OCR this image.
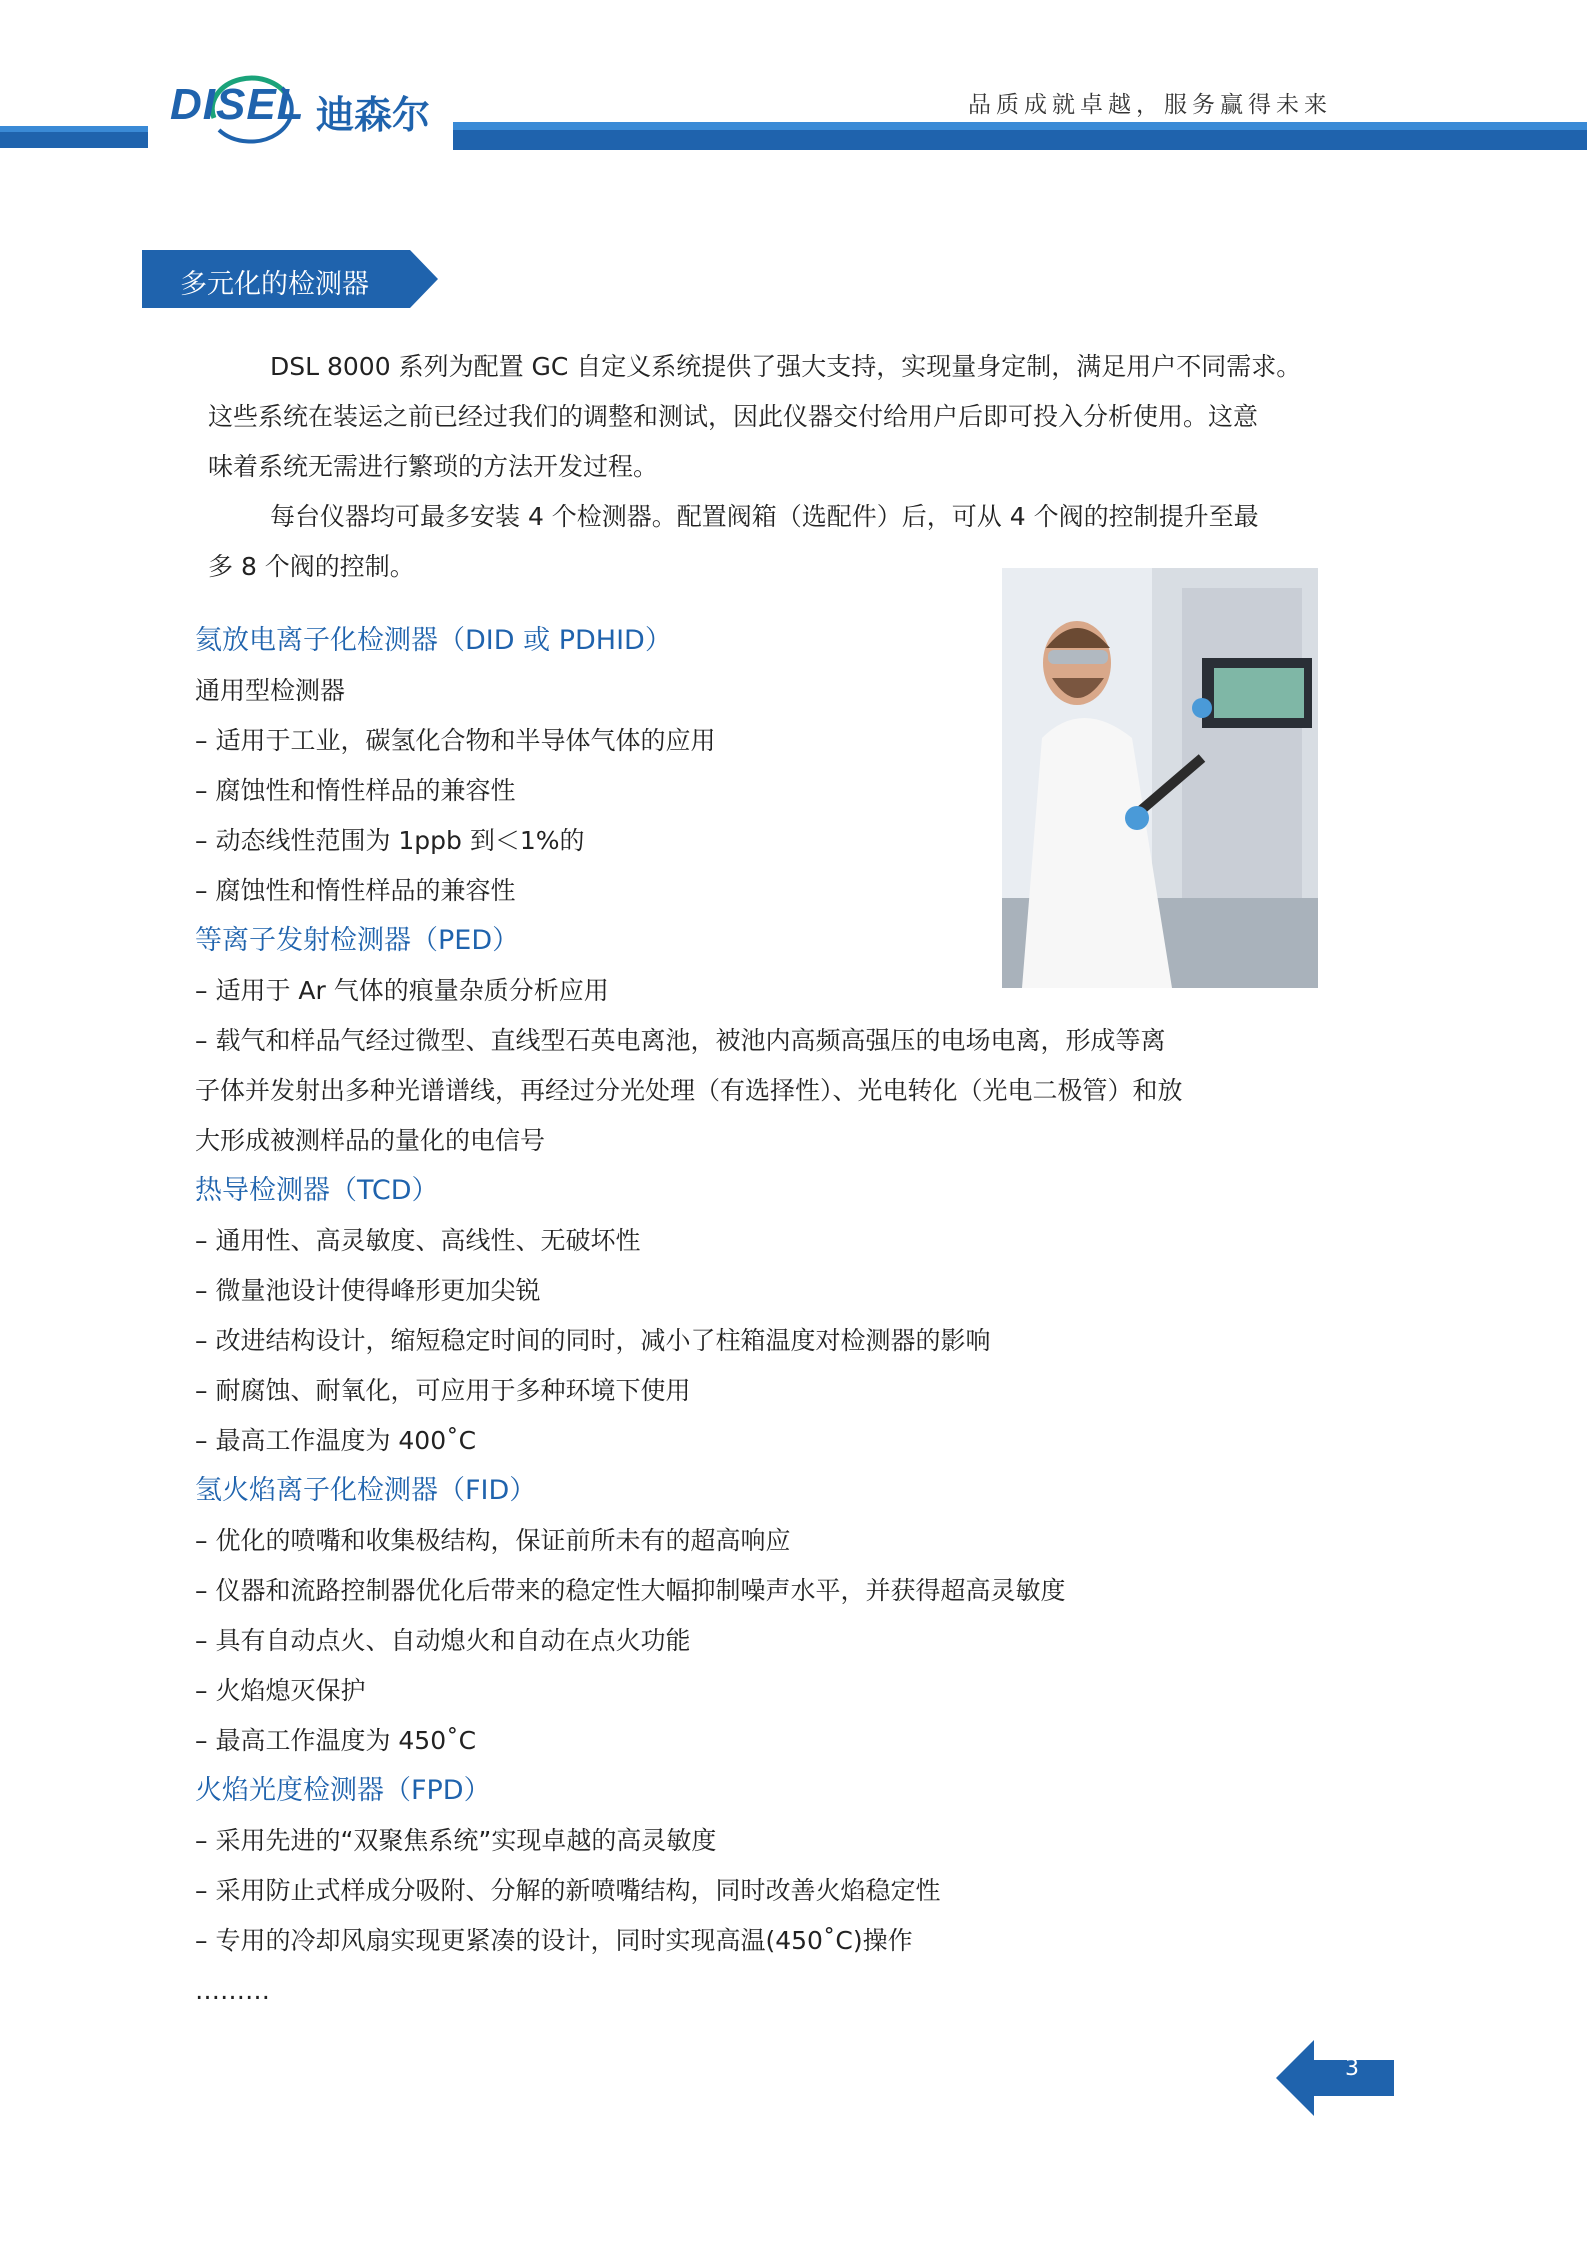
DISEL 迪森尔	品质成就卓越，服务赢得未来
多元化的检测器
DSL 8000 系列为配置 GC 自定义系统提供了强大支持，实现量身定制，满足用户不同需求。
这些系统在装运之前已经过我们的调整和测试，因此仪器交付给用户后即可投入分析使用。这意
味着系统无需进行繁琐的方法开发过程。
每台仪器均可最多安装 4 个检测器。配置阀箱（选配件）后，可从 4 个阀的控制提升至最
多 8 个阀的控制。
氦放电离子化检测器（DID 或 PDHID）
通用型检测器
– 适用于工业，碳氢化合物和半导体气体的应用
– 腐蚀性和惰性样品的兼容性
– 动态线性范围为 1ppb 到＜1%的
– 腐蚀性和惰性样品的兼容性
等离子发射检测器（PED）
– 适用于 Ar 气体的痕量杂质分析应用
– 载气和样品气经过微型、直线型石英电离池，被池内高频高强压的电场电离，形成等离
子体并发射出多种光谱谱线，再经过分光处理（有选择性）、光电转化（光电二极管）和放
大形成被测样品的量化的电信号
热导检测器（TCD）
– 通用性、高灵敏度、高线性、无破坏性
– 微量池设计使得峰形更加尖锐
– 改进结构设计，缩短稳定时间的同时，减小了柱箱温度对检测器的影响
– 耐腐蚀、耐氧化，可应用于多种环境下使用
– 最高工作温度为 400˚C
氢火焰离子化检测器（FID）
– 优化的喷嘴和收集极结构，保证前所未有的超高响应
– 仪器和流路控制器优化后带来的稳定性大幅抑制噪声水平，并获得超高灵敏度
– 具有自动点火、自动熄火和自动在点火功能
– 火焰熄灭保护
– 最高工作温度为 450˚C
火焰光度检测器（FPD）
– 采用先进的“双聚焦系统”实现卓越的高灵敏度
– 采用防止式样成分吸附、分解的新喷嘴结构，同时改善火焰稳定性
– 专用的冷却风扇实现更紧凑的设计，同时实现高温(450˚C)操作
………
3
